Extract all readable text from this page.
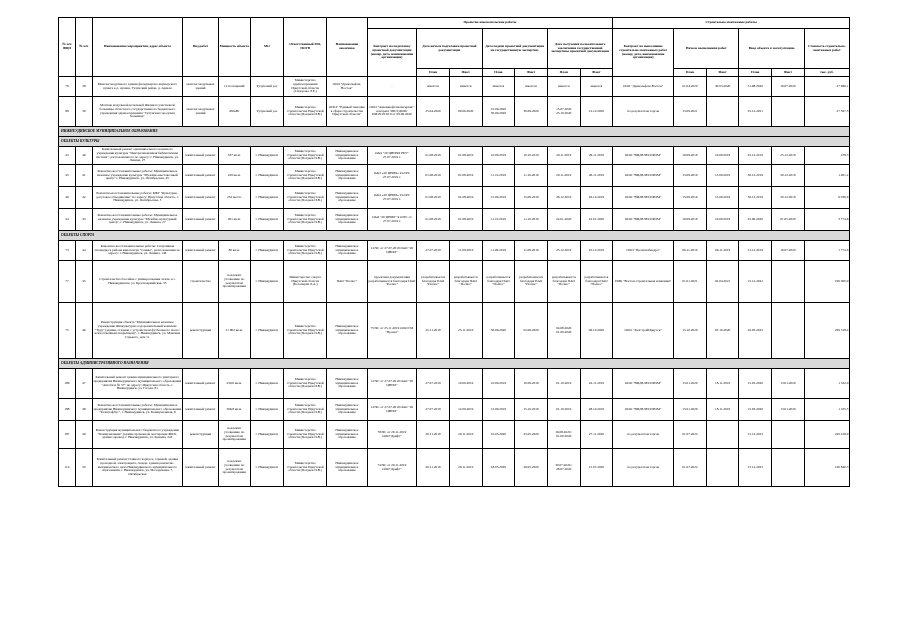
№ п/п ФЦП	№ п/п	Наименование мероприятия, адрес объекта	Вид работ	Мощность объекта	МО	Ответственный МО, ПОГВ	Наименование заказчика	Проектно-изыскательские работы							Строительно-монтажные работы					
								Контракт на подготовку проектной документации (номер, дата, наименование организации)	Дата начала подготовки проектной документации		Дата подачи проектной документации на государственную экспертизу		Дата получения положительного заключения государственной экспертизы проектной документации		Контракт на выполнение строительно-монтажных работ (номер, дата, наименование организации)	Начало выполнения работ		Ввод объекта в эксплуатацию		Стоимость строительно-монтажных работ
									План	Факт	План	Факт	План	Факт		План	Факт	План	Факт	тыс. руб.
79	38	Монтаж модульного здания фельдшерско-акушерского пункта в д. Аршан, Тулунский район, д. Аршан	монтаж модульных зданий	12 посещений	Тулунский р-н	Министерство здравоохранения Иркутской области (Сидорова Л.Е.)	ООО "Дрекольфом-Восток"	-	имеется	имеется	имеется	имеется	имеется	имеется	ООО "Дрекольфом-Восток"	01.04.2020	30.03.2020	31.08.2020	16.07.2020	27 966,1
98	39	Монтаж модульной котельной Филиала участковой больницы областного государственного бюджетного учреждения здравоохранения "Тулунская городская больница"	монтаж модульных зданий	450кВт	Тулунский р-н	Министерство строительства Иркутской области (Поздеев П.В.)	ОГКУ "Единый заказчик в сфере строительства Иркутской области"	ООО "Анкомнефтемашсервис" контракт 300/3/ДОМ/ИИ/2019/18 6 от 09.06.2020	25.04.2020	09.06.2020	01.06.2020 30.09.2020	30.09.2020	15.07.2020 23.10.2020	12.12.2020	по результатам торгов	15.09.2021		25.12.2021		27 397,5
НИЖНЕУДИНСКОЕ МУНИЦИПАЛЬНОЕ ОБРАЗОВАНИЕ																				
ОБЪЕКТЫ КУЛЬТУРЫ																				
43	40	Капитальный ремонт муниципального казенного учреждения культуры "Централизованная библиотечная система", расположенного по адресу: г. Нижнеудинск, ул. Ленина, 27	капитальный ремонт	337 кв.м.	г. Нижнеудинск	Министерство строительства Иркутской области (Поздеев П.В.)	Нижнеудинское муниципальное образование	ОАО "20 ЦНИЧЛ РЕУ" 27.07.2019 г.	01.08.2019	01.08.2019	10.09.2019	10.10.2019	29.11.2019	29.11.2019	ООО "ВИДЕЛЕСПРОМ"	16.09.2019	16.09.2019	25.12.2019	25.12.2019	478,3
45	41	Ремонтно-восстановительные работы: Муниципальное казенное учреждение культуры "Музейно-выставочный центр" г. Нижнеудинск, ул. Октябрьская, 45	капитальный ремонт	229 кв.м.	г. Нижнеудинск	Министерство строительства Иркутской области (Поздеев П.В.)	Нижнеудинское муниципальное образование	ОАО «20 ЦНИЛ» 912/РС 27.07.2019 г.	01.08.2019	01.08.2019	11.10.2019	11.10.2019	20.11.2019	26.11.2019	ООО "ВИДЕЛЕСПРОМ"	15.09.2019	15.09.2019	30.12.2019	30.12.2019	1 401,2
46	42	Ремонтно-восстановительные работы: МБУ "Культурно-досуговое объединение" по адресу: Иркутская область, г. Нижнеудинск, ул. Октябрьская, 3	капитальный ремонт	252 место	г. Нижнеудинск	Министерство строительства Иркутской области (Поздеев П.В.)	Нижнеудинское муниципальное образование	ОАО «20 ЦНИЛ» 912/РС 27.07.2019 г.	01.08.2019	01.08.2019	15.09.2019	15.09.2019	26.12.2019	26.12.2019	ООО "ВИДЕЛЕСПРОМ"	15.09.2019	15.09.2019	30.12.2019	30.12.2019	6 036,6
44	43	Ремонтно-восстановительные работы: Муниципальное казенное учреждение культуры "Музейно-культурный центр", г. Нижнеудинск, ул. Ленина, 27	капитальный ремонт	261 кв.м.	г. Нижнеудинск	Министерство строительства Иркутской области (Поздеев П.В.)	Нижнеудинское муниципальное образование	ОАО "20 ЦНИЛ" 912/РС от 27.07.2019 г.	01.08.2019	01.08.2019	11.10.2019	11.10.2019	22.01.2020	22.01.2020	ООО "ВИДЕЛЕСПРОМ"	16.09.2019	16.09.2019	25.06.2020	01.05.2020	3 774,8
ОБЪЕКТЫ СПОРТА																				
73	44	Ремонтно-восстановительные работы: Спортивная площадка в районе кинотеатра "Саяны", расположенная по адресу: г. Нижнеудинск, ул. Ленина, 146	капитальный ремонт	80 кв.м.	г. Нижнеудинск	Министерство строительства Иркутской области (Поздеев П.В.)	Нижнеудинское муниципальное образование	12/ЧС от 27.07.2019 ОАО "20 ЦНИЛ"	27.07.2019	11.09.2019	11.09.2019	11.09.2019	25.12.2019	25.12.2019	ООО "Промснабнедра"	06.11.2019	06.11.2019	31.12.2019	16.07.2020	1 774,6
77	45	Строительство бассейна с универсальным залом, в г. Нижнеудинске, ул. Красноармейская, 33	строительство	подлежит уточнению по результатам проектирования	г. Нижнеудинск	Министерство спорта Иркутской области (Богатырёв Л.А.)	ПАО "Полюс"	проектная документация разрабатывается благодаря ПАО "Полюс"	разрабатывается благодаря ПАО "Полюс"	разрабатывается благодаря ПАО "Полюс"	разрабатывается благодаря ПАО "Полюс"	разрабатывается благодаря ПАО "Полюс"	разрабатывается благодаря ПАО "Полюс"	разрабатывается благодаря ПАО "Полюс"	ПИК "Восток-строительная компания"	01.01.2021	02.04.2021	15.12.2022		190 000,0
75	46	Реконструкция объекта "Муниципальное казенное учреждение Физкультурно-оздоровительный комплекс "Труд" (здание, стадион с устройством футбольного поля с искусственным покрытием)", г. Нижнеудинск, ул. Максима Горького, дом 11	реконструкция	21 802 кв.м.	г. Нижнеудинск	Министерство строительства Иркутской области (Поздеев П.В.)	Нижнеудинское муниципальное образование	75/ЧС от 25.11.2019 ООО ГМ "Проект"	25.11.2019	25.11.2019	30.06.2020	02.06.2020	04.08.2020 01.09.2020	09.10.2020	ООО "ЭкоСтройИркутск"	15.10.2020	05.10.2020	20.05.2022		239 318,4
ОБЪЕКТЫ АДМИНИСТРАТИВНОГО НАЗНАЧЕНИЯ																				
186	47	Капитальный ремонт здания муниципального унитарного предприятия Нижнеудинского муниципального образования "Автобаза № 57" по адресу: Иркутская область, г. Нижнеудинск, ул. Гоголя, 81	капитальный ремонт	230,6 кв.м.	г. Нижнеудинск	Министерство строительства Иркутской области (Поздеев П.В.)	Нижнеудинское муниципальное образование	12/ЧС от 27.07.2019 ОАО "20 ЦНИЛ"	27.07.2019	10.09.2019	10.09.2019	10.09.2019	01.10.2019	22.11.2019	ООО "ВИДЕЛЕСПРОМ"	15.01.2020	18.11.2019	15.03.2020	13.01.2020	1 522,9
188	48	Ремонтно-восстановительные работы: Муниципальное предприятие Нижнеудинского муниципального образования "Телеграфбус", г. Нижнеудинск, ул. Коммунальная, 9	капитальный ремонт	596,8 кв.м.	г. Нижнеудинск	Министерство строительства Иркутской области (Поздеев П.В.)	Нижнеудинское муниципальное образование	12/ЧС от 27.07.2019 ОАО "20 ЦНИЛ"	27.07.2019	12.09.2019	12.09.2019	15.10.2019	01.10.2019	28.10.2019	ООО "ВИДЕЛЕСПРОМ"	15.01.2020	18.11.2019	15.03.2020	13.01.2020	1 165,5
187	49	Реконструкция муниципального бюджетного учреждения "Коммунальник" (здание прачечной, мастерские ЖКХ, здание гаража), г. Нижнеудинск, ул. Кошева, 24Г	реконструкция	подлежит уточнению по результатам проектирования	г. Нижнеудинск	Министерство строительства Иркутской области (Поздеев П.В.)	Нижнеудинское муниципальное образование	78/ЧС от 29.11.2019 ООО"Дрифт"	29.11.2019	29.11.2019	10.05.2020	25.05.2020	16.08.2020 / 01.09.2020	27.11.2020	по результатам торгов	01.07.2022		15.12.2023		220 418,9
114	50	Капитальный ремонт главного корпуса, гаражей, здания проходной, электрощита, склада, здания ремонтно-механического цеха Нижнеудинского муниципального образования, г. Нижнеудинск, ул. Молодежная, 7, Октябрьская	капитальный ремонт	подлежит уточнению по результатам проектирования	г. Нижнеудинск	Министерство строительства Иркутской области (Поздеев П.В.)	Нижнеудинское муниципальное образование	74/ЧС от 29.11.2019 ООО"Дрифт"	29.11.2019	29.11.2019	18.05.2020	29.05.2020	30.07.2020 / 28.07.2020	21.07.2020	по результатам торгов	01.07.2022		15.12.2023		140 840,3
